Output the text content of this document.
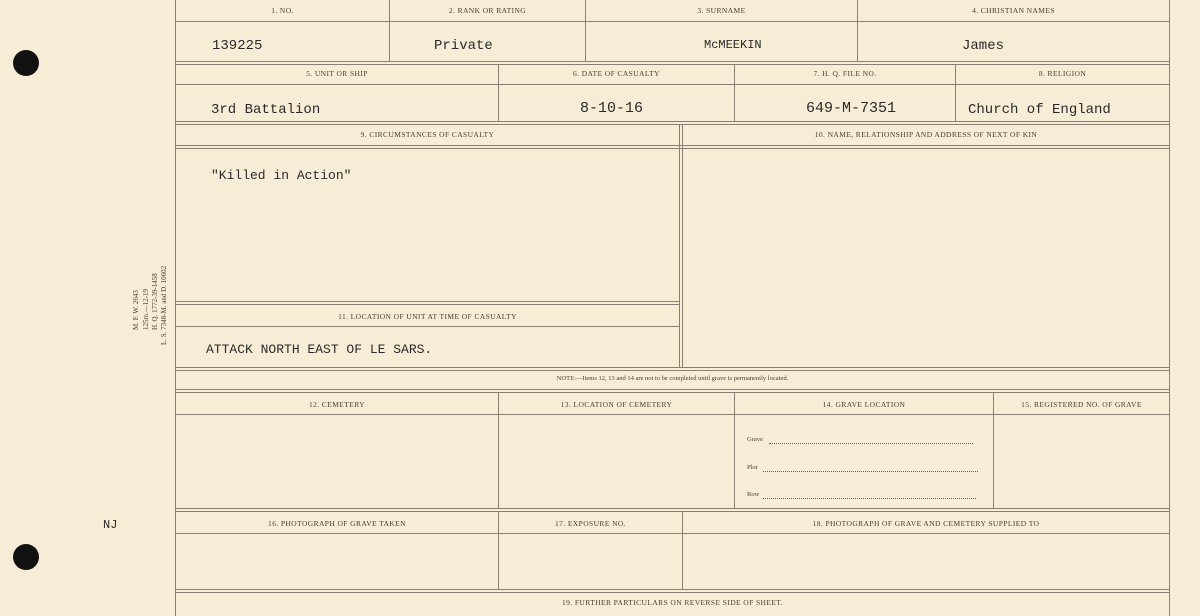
M. F. W. 2643 125m.—12-19 H. Q. 1772-39-1458 L. S. 7348-M. and D. 10602
NJ
1. NO.	2. RANK OR RATING	3. SURNAME	4. CHRISTIAN NAMES
139225	Private	McMEEKIN	James
5. UNIT OR SHIP	6. DATE OF CASUALTY	7. H. Q. FILE NO.	8. RELIGION
3rd Battalion	8-10-16	649-M-7351	Church of England
9. CIRCUMSTANCES OF CASUALTY	10. NAME, RELATIONSHIP AND ADDRESS OF NEXT OF KIN
"Killed in Action"
11. LOCATION OF UNIT AT TIME OF CASUALTY
ATTACK NORTH EAST OF LE SARS.
NOTE:—Items 12, 13 and 14 are not to be completed until grave is permanently located.
12. CEMETERY	13. LOCATION OF CEMETERY	14. GRAVE LOCATION	15. REGISTERED NO. OF GRAVE
Grave
Plot
Row
16. PHOTOGRAPH OF GRAVE TAKEN	17. EXPOSURE NO.	18. PHOTOGRAPH OF GRAVE AND CEMETERY SUPPLIED TO
19. FURTHER PARTICULARS ON REVERSE SIDE OF SHEET.
